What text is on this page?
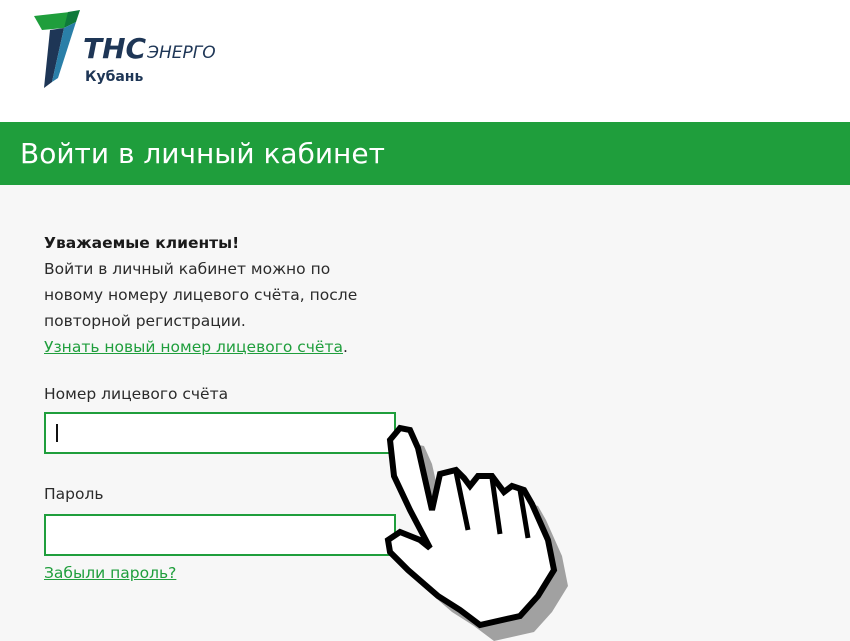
ТНСЭНЕРГО
Кубань
Войти в личный кабинет
Уважаемые клиенты!
Войти в личный кабинет можно по
новому номеру лицевого счёта, после
повторной регистрации.
Узнать новый номер лицевого счёта.
Номер лицевого счёта
Пароль
Забыли пароль?
